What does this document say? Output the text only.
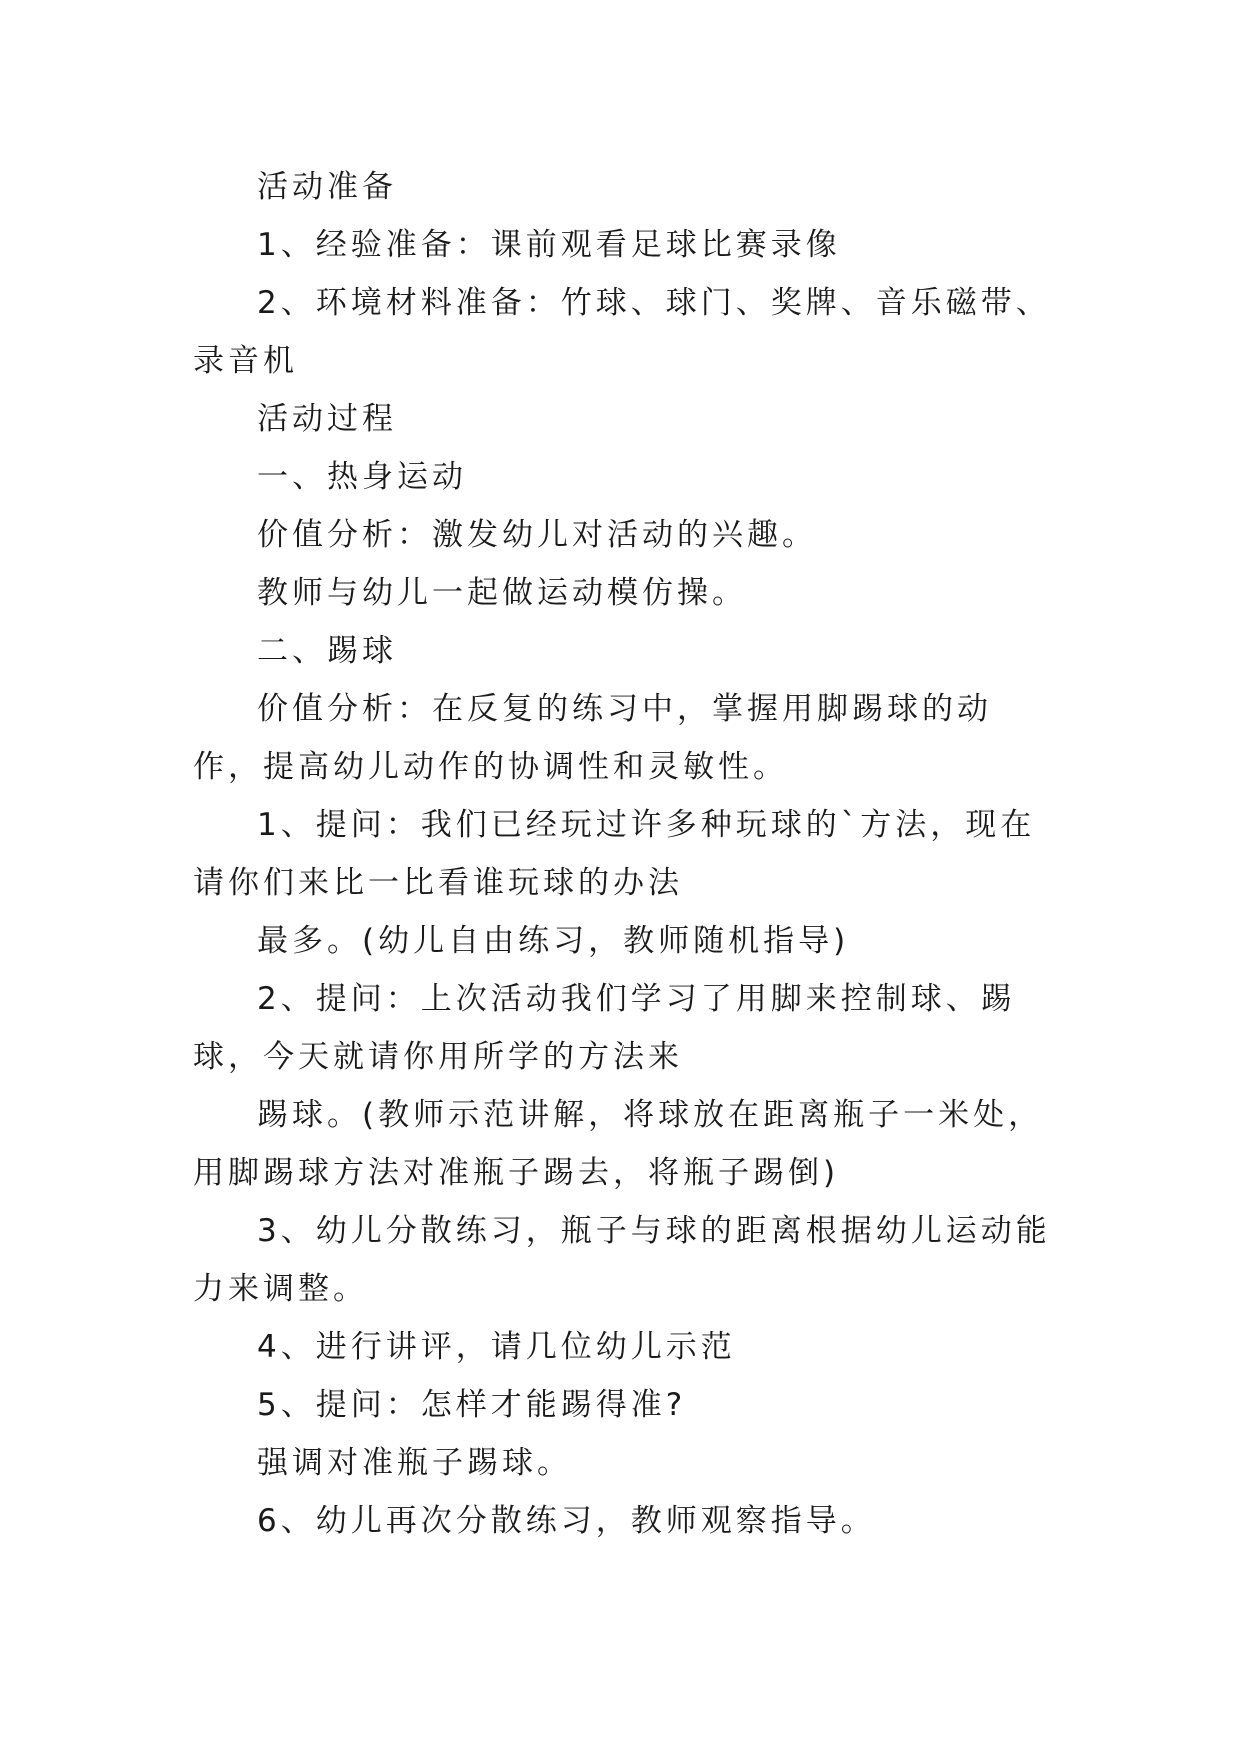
活动准备

1、经验准备：课前观看足球比赛录像

2、环境材料准备：竹球、球门、奖牌、音乐磁带、录音机

活动过程

一、热身运动

价值分析：激发幼儿对活动的兴趣。

教师与幼儿一起做运动模仿操。

二、踢球

价值分析：在反复的练习中，掌握用脚踢球的动作，提高幼儿动作的协调性和灵敏性。

1、提问：我们已经玩过许多种玩球的`方法，现在请你们来比一比看谁玩球的办法

最多。(幼儿自由练习，教师随机指导)

2、提问：上次活动我们学习了用脚来控制球、踢球，今天就请你用所学的方法来

踢球。(教师示范讲解，将球放在距离瓶子一米处，用脚踢球方法对准瓶子踢去，将瓶子踢倒)

3、幼儿分散练习，瓶子与球的距离根据幼儿运动能力来调整。

4、进行讲评，请几位幼儿示范

5、提问：怎样才能踢得准?

强调对准瓶子踢球。

6、幼儿再次分散练习，教师观察指导。
